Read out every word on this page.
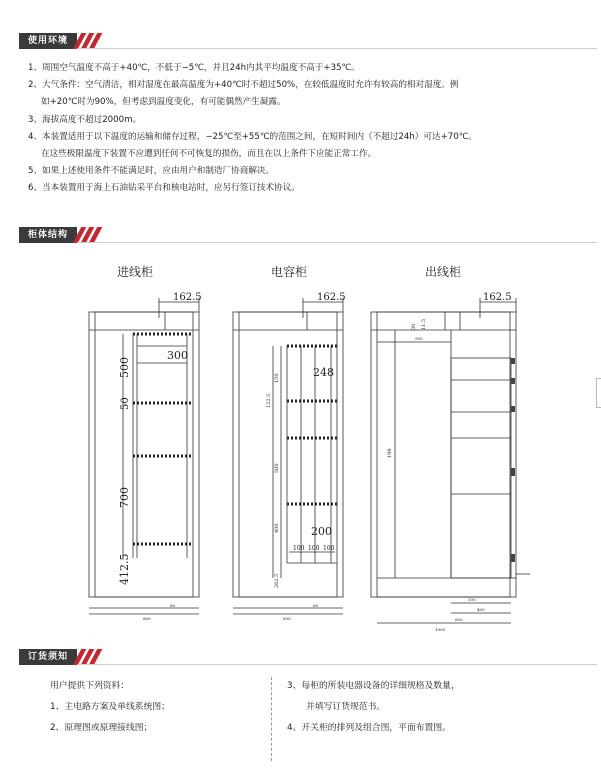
使用环境
1、周围空气温度不高于+40℃，不低于−5℃，并且24h内其平均温度不高于+35℃。
2、大气条件：空气清洁，相对湿度在最高温度为+40℃时不超过50%，在较低温度时允许有较高的相对湿度。例
如+20℃时为90%，但考虑到温度变化，有可能偶然产生凝露。
3、海拔高度不超过2000m。
4、本装置适用于以下温度的运输和储存过程，−25℃至+55℃的范围之间，在短时间内（不超过24h）可达+70℃。
在这些极限温度下装置不应遭到任何不可恢复的损伤，而且在以上条件下应能正常工作。
5、如果上述使用条件不能满足时，应由用户和制造厂协商解决。
6、当本装置用于海上石油钻采平台和核电站时，应另行签订技术协议。
柜体结构
进线柜	电容柜	出线柜
162.5
300
500
50
700
412.5
60
800
162.5
248
200
100 100 100
150
122.5
500
400
262.5
60
800
162.5
500
199
30 11.5
100
400
800
1000
订货须知
用户提供下列资料：
1、主电路方案及单线系统图；
2、原理图或原理接线图；
3、每柜的所装电器设备的详细规格及数量，
并填写订货规范书。
4、开关柜的排列及组合图，平面布置图。
